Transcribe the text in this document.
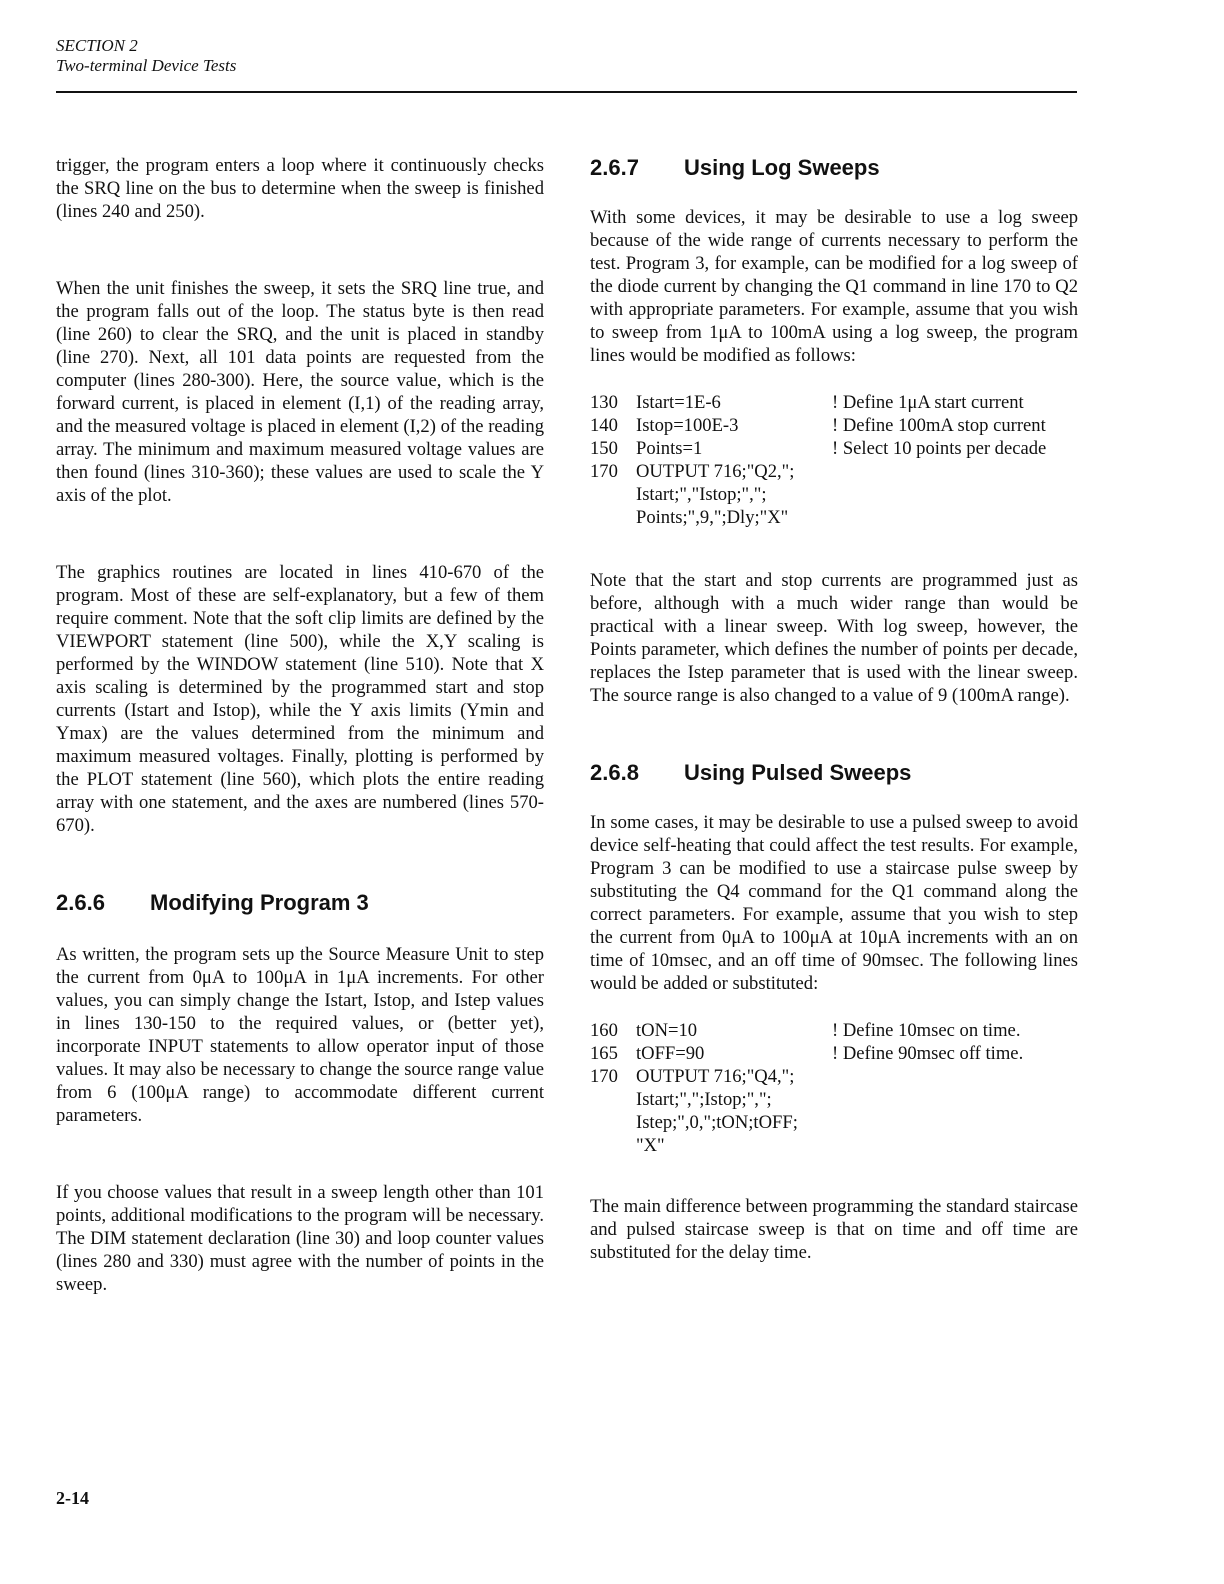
SECTION 2
Two-terminal Device Tests

trigger, the program enters a loop where it continuously checks the SRQ line on the bus to determine when the sweep is finished (lines 240 and 250).

When the unit finishes the sweep, it sets the SRQ line true, and the program falls out of the loop. The status byte is then read (line 260) to clear the SRQ, and the unit is placed in standby (line 270). Next, all 101 data points are requested from the computer (lines 280-300). Here, the source value, which is the forward current, is placed in element (I,1) of the reading array, and the measured voltage is placed in element (I,2) of the reading array. The minimum and maximum measured voltage values are then found (lines 310-360); these values are used to scale the Y axis of the plot.

The graphics routines are located in lines 410-670 of the program. Most of these are self-explanatory, but a few of them require comment. Note that the soft clip limits are defined by the VIEWPORT statement (line 500), while the X,Y scaling is performed by the WINDOW statement (line 510). Note that X axis scaling is determined by the programmed start and stop currents (Istart and Istop), while the Y axis limits (Ymin and Ymax) are the values determined from the minimum and maximum measured voltages. Finally, plotting is performed by the PLOT statement (line 560), which plots the entire reading array with one statement, and the axes are numbered (lines 570-670).

2.6.6 Modifying Program 3

As written, the program sets up the Source Measure Unit to step the current from 0μA to 100μA in 1μA increments. For other values, you can simply change the Istart, Istop, and Istep values in lines 130-150 to the required values, or (better yet), incorporate INPUT statements to allow operator input of those values. It may also be necessary to change the source range value from 6 (100μA range) to accommodate different current parameters.

If you choose values that result in a sweep length other than 101 points, additional modifications to the program will be necessary. The DIM statement declaration (line 30) and loop counter values (lines 280 and 330) must agree with the number of points in the sweep.

2.6.7 Using Log Sweeps

With some devices, it may be desirable to use a log sweep because of the wide range of currents necessary to perform the test. Program 3, for example, can be modified for a log sweep of the diode current by changing the Q1 command in line 170 to Q2 with appropriate parameters. For example, assume that you wish to sweep from 1μA to 100mA using a log sweep, the program lines would be modified as follows:

130 Istart=1E-6	! Define 1μA start current
140 Istop=100E-3	! Define 100mA stop current
150 Points=1	! Select 10 points per decade
170 OUTPUT 716;"Q2,";
Istart;","Istop;",";
Points;",9,";Dly;"X"

Note that the start and stop currents are programmed just as before, although with a much wider range than would be practical with a linear sweep. With log sweep, however, the Points parameter, which defines the number of points per decade, replaces the Istep parameter that is used with the linear sweep. The source range is also changed to a value of 9 (100mA range).

2.6.8 Using Pulsed Sweeps

In some cases, it may be desirable to use a pulsed sweep to avoid device self-heating that could affect the test results. For example, Program 3 can be modified to use a staircase pulse sweep by substituting the Q4 command for the Q1 command along the correct parameters. For example, assume that you wish to step the current from 0μA to 100μA at 10μA increments with an on time of 10msec, and an off time of 90msec. The following lines would be added or substituted:

160 tON=10	! Define 10msec on time.
165 tOFF=90	! Define 90msec off time.
170 OUTPUT 716;"Q4,";
Istart;",";Istop;",";
Istep;",0,";tON;tOFF;
"X"

The main difference between programming the standard staircase and pulsed staircase sweep is that on time and off time are substituted for the delay time.

2-14
